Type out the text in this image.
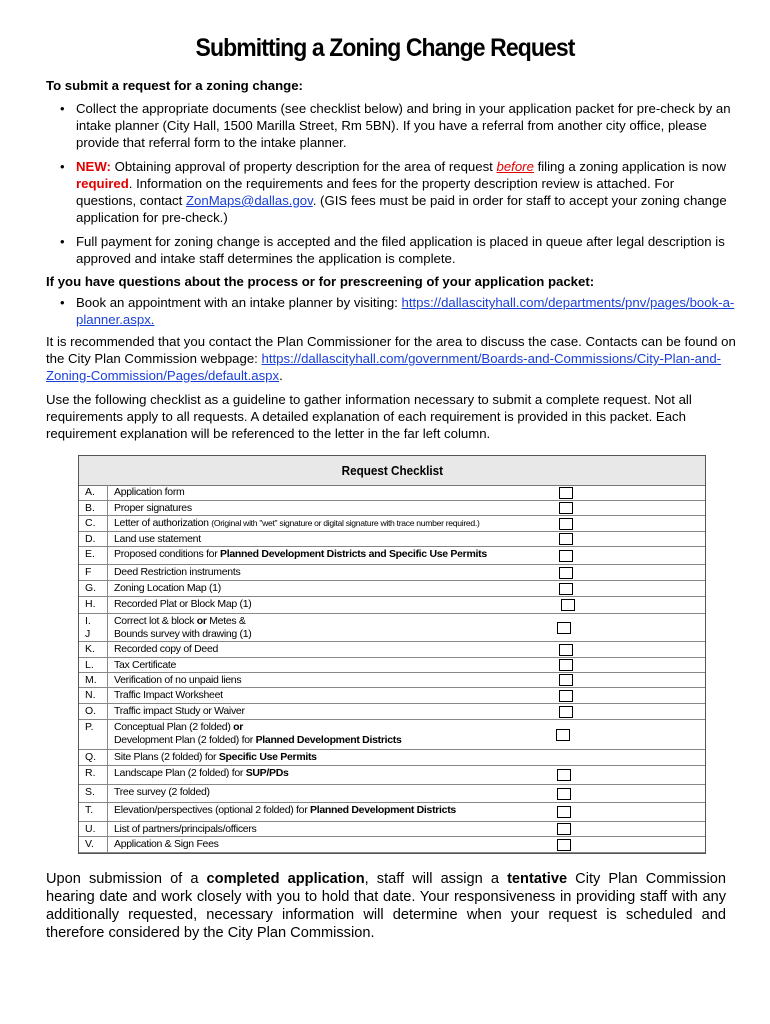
Submitting a Zoning Change Request
To submit a request for a zoning change:
• Collect the appropriate documents (see checklist below) and bring in your application packet for pre-check by an intake planner (City Hall, 1500 Marilla Street, Rm 5BN). If you have a referral from another city office, please provide that referral form to the intake planner.
• NEW: Obtaining approval of property description for the area of request before filing a zoning application is now required. Information on the requirements and fees for the property description review is attached. For questions, contact ZonMaps@dallas.gov. (GIS fees must be paid in order for staff to accept your zoning change application for pre-check.)
• Full payment for zoning change is accepted and the filed application is placed in queue after legal description is approved and intake staff determines the application is complete.
If you have questions about the process or for prescreening of your application packet:
• Book an appointment with an intake planner by visiting: https://dallascityhall.com/departments/pnv/pages/book-a-planner.aspx.
It is recommended that you contact the Plan Commissioner for the area to discuss the case. Contacts can be found on the City Plan Commission webpage: https://dallascityhall.com/government/Boards-and-Commissions/City-Plan-and-Zoning-Commission/Pages/default.aspx.
Use the following checklist as a guideline to gather information necessary to submit a complete request. Not all requirements apply to all requests. A detailed explanation of each requirement is provided in this packet. Each requirement explanation will be referenced to the letter in the far left column.
Request Checklist
A. Application form
B. Proper signatures
C. Letter of authorization (Original with "wet" signature or digital signature with trace number required.)
D. Land use statement
E. Proposed conditions for Planned Development Districts and Specific Use Permits
F Deed Restriction instruments
G. Zoning Location Map (1)
H. Recorded Plat or Block Map (1)
I.
J
Correct lot & block or Metes &
Bounds survey with drawing (1)
K. Recorded copy of Deed
L. Tax Certificate
M. Verification of no unpaid liens
N. Traffic Impact Worksheet
O. Traffic impact Study or Waiver
P. Conceptual Plan (2 folded) or
Development Plan (2 folded) for Planned Development Districts
Q. Site Plans (2 folded) for Specific Use Permits
R. Landscape Plan (2 folded) for SUP/PDs
S. Tree survey (2 folded)
T. Elevation/perspectives (optional 2 folded) for Planned Development Districts
U. List of partners/principals/officers
V. Application & Sign Fees
Upon submission of a completed application, staff will assign a tentative City Plan Commission hearing date and work closely with you to hold that date. Your responsiveness in providing staff with any additionally requested, necessary information will determine when your request is scheduled and therefore considered by the City Plan Commission.
